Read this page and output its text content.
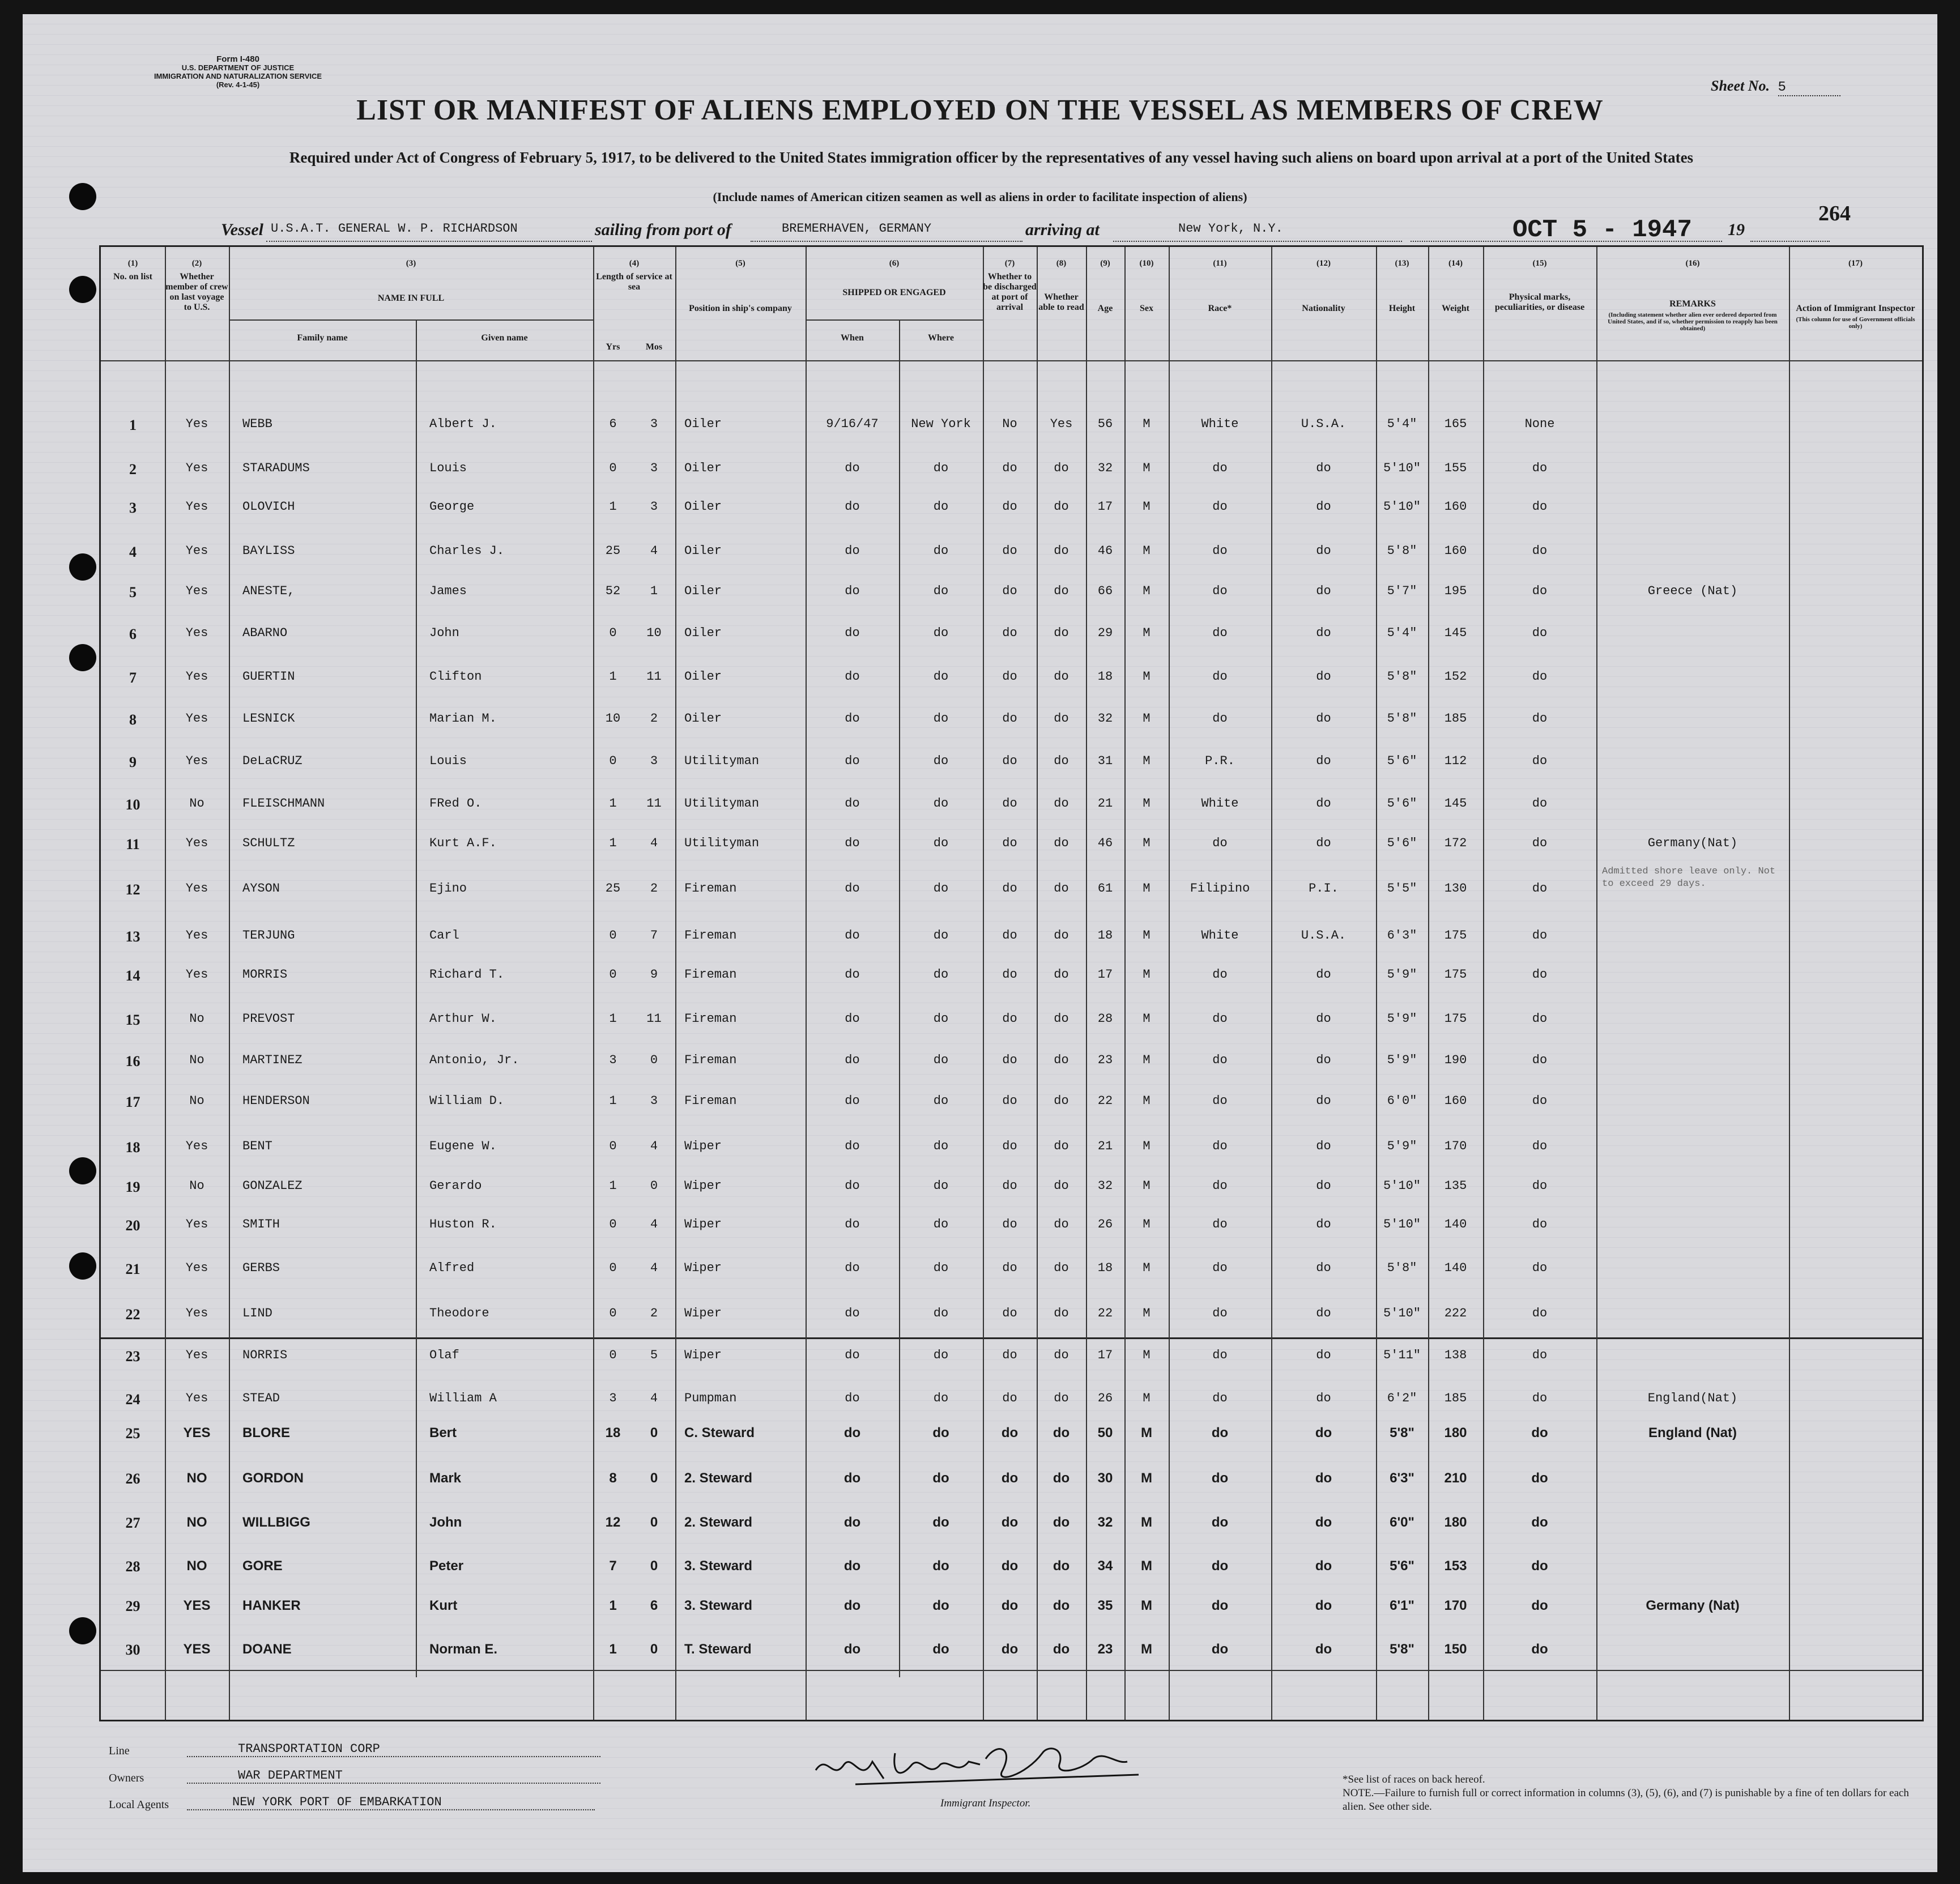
Form I-480
U.S. DEPARTMENT OF JUSTICE
IMMIGRATION AND NATURALIZATION SERVICE
(Rev. 4-1-45)	Sheet No. 5
LIST OR MANIFEST OF ALIENS EMPLOYED ON THE VESSEL AS MEMBERS OF CREW
Required under Act of Congress of February 5, 1917, to be delivered to the United States immigration officer by the representatives of any vessel having such aliens on board upon arrival at a port of the United States
(Include names of American citizen seamen as well as aliens in order to facilitate inspection of aliens)
264
Vessel U.S.A.T. GENERAL W. P. RICHARDSON	sailing from port of	BREMERHAVEN, GERMANY	arriving at	New York, N.Y.	OCT 5 - 1947 19
(1)
No. on list
(2)
Whether member of crew on last voyage to U.S.
(3)
NAME IN FULL
Family name	Given name
(4)
Length of service at sea
Yrs	Mos
(5)
Position in ship's company
(6)
SHIPPED OR ENGAGED
When	Where
(7)
Whether to be discharged at port of arrival
(8)
Whether able to read
(9)
Age
(10)
Sex
(11)
Race*
(12)
Nationality
(13)
Height
(14)
Weight
(15)
Physical marks, peculiarities, or disease
(16)
REMARKS
(Including statement whether alien ever ordered deported from United States, and if so, whether permission to reapply has been obtained)
(17)
Action of Immigrant Inspector
(This column for use of Government officials only)
1	Yes	WEBB	Albert J.	6	3	Oiler	9/16/47	New York	No	Yes	56	M	White	U.S.A.	5'4"	165	None
2	Yes	STARADUMS	Louis	0	3	Oiler	do	do	do	do	32	M	do	do	5'10"	155	do
3	Yes	OLOVICH	George	1	3	Oiler	do	do	do	do	17	M	do	do	5'10"	160	do
4	Yes	BAYLISS	Charles J.	25	4	Oiler	do	do	do	do	46	M	do	do	5'8"	160	do
5	Yes	ANESTE,	James	52	1	Oiler	do	do	do	do	66	M	do	do	5'7"	195	do	Greece (Nat)
6	Yes	ABARNO	John	0	10	Oiler	do	do	do	do	29	M	do	do	5'4"	145	do
7	Yes	GUERTIN	Clifton	1	11	Oiler	do	do	do	do	18	M	do	do	5'8"	152	do
8	Yes	LESNICK	Marian M.	10	2	Oiler	do	do	do	do	32	M	do	do	5'8"	185	do
9	Yes	DeLaCRUZ	Louis	0	3	Utilityman	do	do	do	do	31	M	P.R.	do	5'6"	112	do
10	No	FLEISCHMANN	FRed O.	1	11	Utilityman	do	do	do	do	21	M	White	do	5'6"	145	do
11	Yes	SCHULTZ	Kurt A.F.	1	4	Utilityman	do	do	do	do	46	M	do	do	5'6"	172	do	Germany(Nat)
12	Yes	AYSON	Ejino	25	2	Fireman	do	do	do	do	61	M	Filipino	P.I.	5'5"	130	do
Admitted shore leave only. Not to exceed 29 days.
13	Yes	TERJUNG	Carl	0	7	Fireman	do	do	do	do	18	M	White	U.S.A.	6'3"	175	do
14	Yes	MORRIS	Richard T.	0	9	Fireman	do	do	do	do	17	M	do	do	5'9"	175	do
15	No	PREVOST	Arthur W.	1	11	Fireman	do	do	do	do	28	M	do	do	5'9"	175	do
16	No	MARTINEZ	Antonio, Jr.	3	0	Fireman	do	do	do	do	23	M	do	do	5'9"	190	do
17	No	HENDERSON	William D.	1	3	Fireman	do	do	do	do	22	M	do	do	6'0"	160	do
18	Yes	BENT	Eugene W.	0	4	Wiper	do	do	do	do	21	M	do	do	5'9"	170	do
19	No	GONZALEZ	Gerardo	1	0	Wiper	do	do	do	do	32	M	do	do	5'10"	135	do
20	Yes	SMITH	Huston R.	0	4	Wiper	do	do	do	do	26	M	do	do	5'10"	140	do
21	Yes	GERBS	Alfred	0	4	Wiper	do	do	do	do	18	M	do	do	5'8"	140	do
22	Yes	LIND	Theodore	0	2	Wiper	do	do	do	do	22	M	do	do	5'10"	222	do
23	Yes	NORRIS	Olaf	0	5	Wiper	do	do	do	do	17	M	do	do	5'11"	138	do
24	Yes	STEAD	William A	3	4	Pumpman	do	do	do	do	26	M	do	do	6'2"	185	do	England(Nat)
25	YES	BLORE	Bert	18	0	C. Steward	do	do	do	do	50	M	do	do	5'8"	180	do	England (Nat)
26	NO	GORDON	Mark	8	0	2. Steward	do	do	do	do	30	M	do	do	6'3"	210	do
27	NO	WILLBIGG	John	12	0	2. Steward	do	do	do	do	32	M	do	do	6'0"	180	do
28	NO	GORE	Peter	7	0	3. Steward	do	do	do	do	34	M	do	do	5'6"	153	do
29	YES	HANKER	Kurt	1	6	3. Steward	do	do	do	do	35	M	do	do	6'1"	170	do	Germany (Nat)
30	YES	DOANE	Norman E.	1	0	T. Steward	do	do	do	do	23	M	do	do	5'8"	150	do
Line	TRANSPORTATION CORP
Owners	WAR DEPARTMENT
Local Agents	NEW YORK PORT OF EMBARKATION	Immigrant Inspector.
*See list of races on back hereof.
NOTE.—Failure to furnish full or correct information in columns (3), (5), (6), and (7) is punishable by a fine of ten dollars for each alien. See other side.
